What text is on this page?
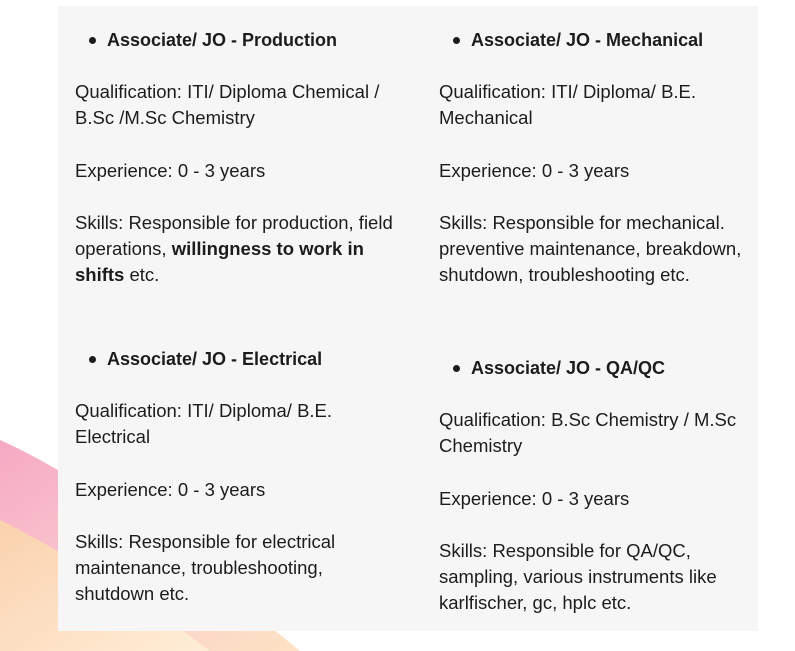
Associate/ JO - Production

Qualification: ITI/ Diploma Chemical / B.Sc /M.Sc Chemistry

Experience: 0 - 3 years

Skills: Responsible for production, field operations, willingness to work in shifts etc.

Associate/ JO - Mechanical

Qualification: ITI/ Diploma/ B.E. Mechanical

Experience: 0 - 3 years

Skills: Responsible for mechanical. preventive maintenance, breakdown, shutdown, troubleshooting etc.

Associate/ JO - Electrical

Qualification: ITI/ Diploma/ B.E. Electrical

Experience: 0 - 3 years

Skills: Responsible for electrical maintenance, troubleshooting, shutdown etc.

Associate/ JO - QA/QC

Qualification: B.Sc Chemistry / M.Sc Chemistry

Experience: 0 - 3 years

Skills: Responsible for QA/QC, sampling, various instruments like karlfischer, gc, hplc etc.
